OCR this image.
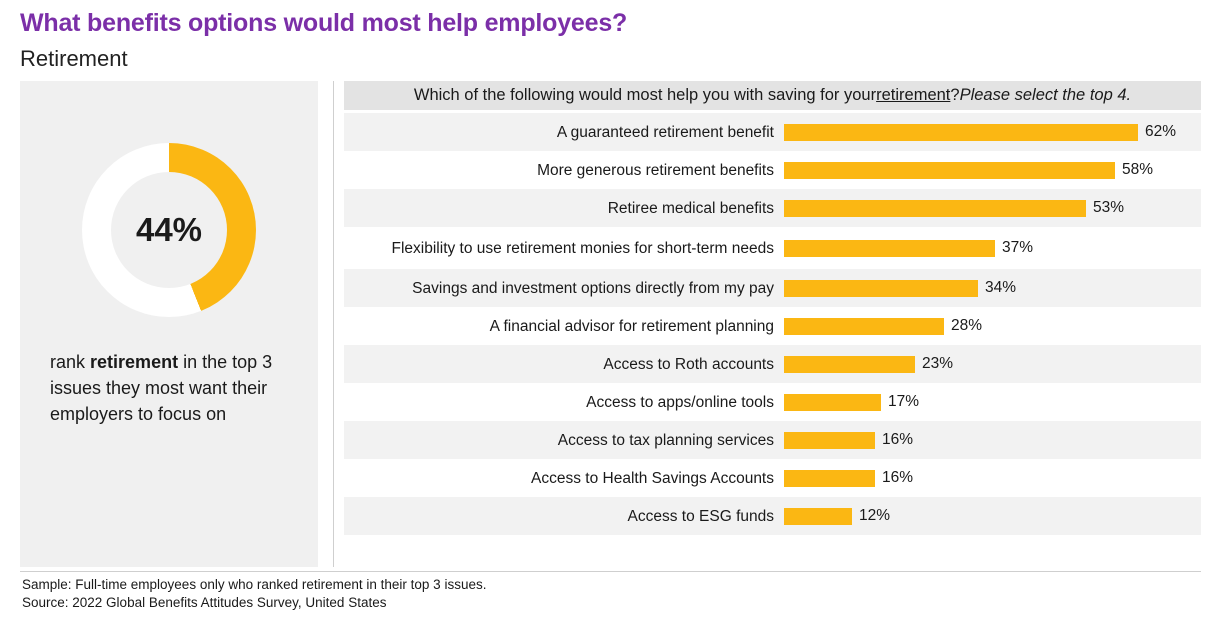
What benefits options would most help employees?
Retirement
44%
rank retirement in the top 3 issues they most want their employers to focus on
Which of the following would most help you with saving for your retirement ? Please select the top 4.
A guaranteed retirement benefit	62%
More generous retirement benefits	58%
Retiree medical benefits	53%
Flexibility to use retirement monies for short-term needs	37%
Savings and investment options directly from my pay	34%
A financial advisor for retirement planning	28%
Access to Roth accounts	23%
Access to apps/online tools	17%
Access to tax planning services	16%
Access to Health Savings Accounts	16%
Access to ESG funds	12%
Sample: Full-time employees only who ranked retirement in their top 3 issues.
Source: 2022 Global Benefits Attitudes Survey, United States
